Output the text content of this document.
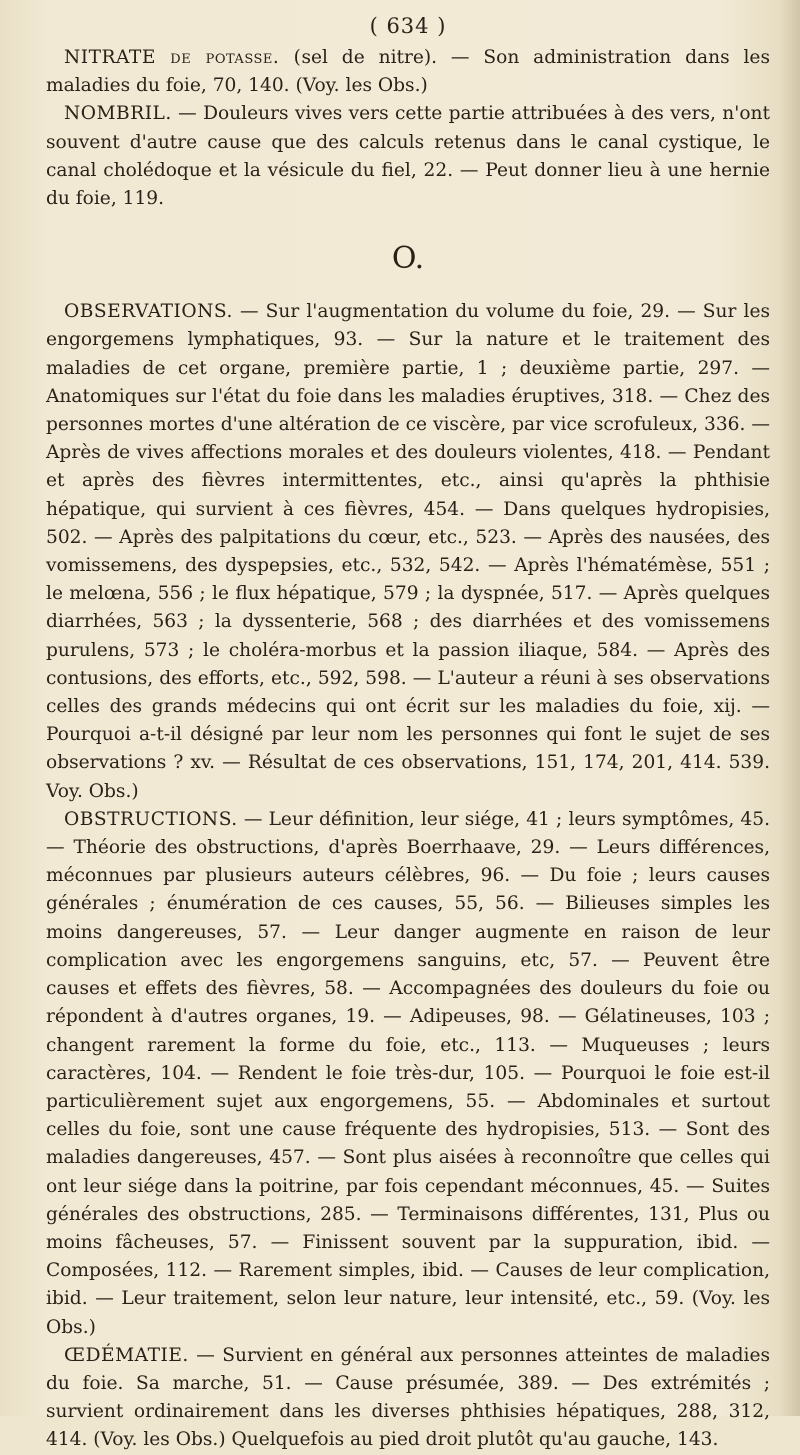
( 634 )

NITRATE de potasse. (sel de nitre). — Son administration dans les maladies du foie, 70, 140. (Voy. les Obs.)

NOMBRIL. — Douleurs vives vers cette partie attribuées à des vers, n'ont souvent d'autre cause que des calculs retenus dans le canal cystique, le canal cholédoque et la vésicule du fiel, 22. — Peut donner lieu à une hernie du foie, 119.

O.

OBSERVATIONS. — Sur l'augmentation du volume du foie, 29. — Sur les engorgemens lymphatiques, 93. — Sur la nature et le traitement des maladies de cet organe, première partie, 1 ; deuxième partie, 297. — Anatomiques sur l'état du foie dans les maladies éruptives, 318. — Chez des personnes mortes d'une altération de ce viscère, par vice scrofuleux, 336. — Après de vives affections morales et des douleurs violentes, 418. — Pendant et après des fièvres intermittentes, etc., ainsi qu'après la phthisie hépatique, qui survient à ces fièvres, 454. — Dans quelques hydropisies, 502. — Après des palpitations du cœur, etc., 523. — Après des nausées, des vomissemens, des dyspepsies, etc., 532, 542. — Après l'hématémèse, 551 ; le melœna, 556 ; le flux hépatique, 579 ; la dyspnée, 517. — Après quelques diarrhées, 563 ; la dyssenterie, 568 ; des diarrhées et des vomissemens purulens, 573 ; le choléra-morbus et la passion iliaque, 584. — Après des contusions, des efforts, etc., 592, 598. — L'auteur a réuni à ses observations celles des grands médecins qui ont écrit sur les maladies du foie, xij. — Pourquoi a-t-il désigné par leur nom les personnes qui font le sujet de ses observations ? xv. — Résultat de ces observations, 151, 174, 201, 414. 539. Voy. Obs.)

OBSTRUCTIONS. — Leur définition, leur siége, 41 ; leurs symptômes, 45. — Théorie des obstructions, d'après Boerrhaave, 29. — Leurs différences, méconnues par plusieurs auteurs célèbres, 96. — Du foie ; leurs causes générales ; énumération de ces causes, 55, 56. — Bilieuses simples les moins dangereuses, 57. — Leur danger augmente en raison de leur complication avec les engorgemens sanguins, etc, 57. — Peuvent être causes et effets des fièvres, 58. — Accompagnées des douleurs du foie ou répondent à d'autres organes, 19. — Adipeuses, 98. — Gélatineuses, 103 ; changent rarement la forme du foie, etc., 113. — Muqueuses ; leurs caractères, 104. — Rendent le foie très-dur, 105. — Pourquoi le foie est-il particulièrement sujet aux engorgemens, 55. — Abdominales et surtout celles du foie, sont une cause fréquente des hydropisies, 513. — Sont des maladies dangereuses, 457. — Sont plus aisées à reconnoître que celles qui ont leur siége dans la poitrine, par fois cependant méconnues, 45. — Suites générales des obstructions, 285. — Terminaisons différentes, 131, Plus ou moins fâcheuses, 57. — Finissent souvent par la suppuration, ibid. — Composées, 112. — Rarement simples, ibid. — Causes de leur complication, ibid. — Leur traitement, selon leur nature, leur intensité, etc., 59. (Voy. les Obs.)

ŒDÉMATIE. — Survient en général aux personnes atteintes de maladies du foie. Sa marche, 51. — Cause présumée, 389. — Des extrémités ; survient ordinairement dans les diverses phthisies hépatiques, 288, 312, 414. (Voy. les Obs.) Quelquefois au pied droit plutôt qu'au gauche, 143.
